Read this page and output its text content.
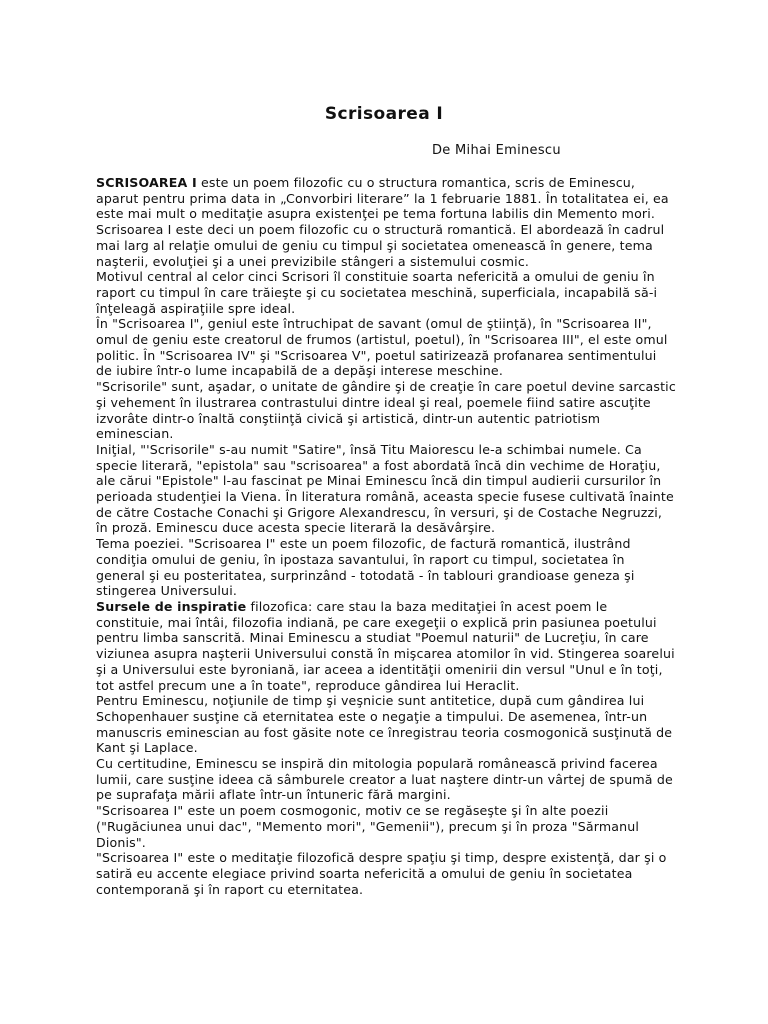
Scrisoarea I

De Mihai Eminescu

SCRISOAREA I este un poem filozofic cu o structura romantica, scris de Eminescu, aparut pentru prima data in „Convorbiri literare” la 1 februarie 1881. În totalitatea ei, ea este mai mult o meditaţie asupra existenţei pe tema fortuna labilis din Memento mori.

Scrisoarea I este deci un poem filozofic cu o structură romantică. El abordează în cadrul mai larg al relaţie omului de geniu cu timpul şi societatea omenească în genere, tema naşterii, evoluţiei şi a unei previzibile stângeri a sistemului cosmic.

Motivul central al celor cinci Scrisori îl constituie soarta nefericită a omului de geniu în raport cu timpul în care trăieşte şi cu societatea meschină, superficiala, incapabilă să-i înţeleagă aspiraţiile spre ideal.

În "Scrisoarea I", geniul este întruchipat de savant (omul de ştiinţă), în "Scrisoarea II", omul de geniu este creatorul de frumos (artistul, poetul), în "Scrisoarea III", el este omul politic. În "Scrisoarea IV" şi "Scrisoarea V", poetul satirizează profanarea sentimentului de iubire într-o lume incapabilă de a depăşi interese meschine.

"Scrisorile" sunt, aşadar, o unitate de gândire şi de creaţie în care poetul devine sarcastic şi vehement în ilustrarea contrastului dintre ideal şi real, poemele fiind satire ascuţite izvorâte dintr-o înaltă conştiinţă civică şi artistică, dintr-un autentic patriotism eminescian.

Iniţial, "'Scrisorile" s-au numit "Satire", însă Titu Maiorescu le-a schimbai numele. Ca specie literară, "epistola" sau "scrisoarea" a fost abordată încă din vechime de Horaţiu, ale cărui "Epistole" l-au fascinat pe Minai Eminescu încă din timpul audierii cursurilor în perioada studenţiei la Viena. În literatura română, aceasta specie fusese cultivată înainte de către Costache Conachi şi Grigore Alexandrescu, în versuri, şi de Costache Negruzzi, în proză. Eminescu duce acesta specie literară la desăvârşire.

Tema poeziei. "Scrisoarea I" este un poem filozofic, de factură romantică, ilustrând condiţia omului de geniu, în ipostaza savantului, în raport cu timpul, societatea în general şi eu posteritatea, surprinzând - totodată - în tablouri grandioase geneza şi stingerea Universului.

Sursele de inspiratie filozofica: care stau la baza meditaţiei în acest poem le constituie, mai întâi, filozofia indiană, pe care exegeţii o explică prin pasiunea poetului pentru limba sanscrită. Minai Eminescu a studiat "Poemul naturii" de Lucreţiu, în care viziunea asupra naşterii Universului constă în mişcarea atomilor în vid. Stingerea soarelui şi a Universului este byroniană, iar aceea a identităţii omenirii din versul "Unul e în toţi, tot astfel precum une a în toate", reproduce gândirea lui Heraclit.

Pentru Eminescu, noţiunile de timp şi veşnicie sunt antitetice, după cum gândirea lui Schopenhauer susţine că eternitatea este o negaţie a timpului. De asemenea, într-un manuscris eminescian au fost găsite note ce înregistrau teoria cosmogonică susţinută de Kant şi Laplace.

Cu certitudine, Eminescu se inspiră din mitologia populară românească privind facerea lumii, care susţine ideea că sâmburele creator a luat naştere dintr-un vârtej de spumă de pe suprafaţa mării aflate într-un întuneric fără margini.

"Scrisoarea I" este un poem cosmogonic, motiv ce se regăseşte şi în alte poezii ("Rugăciunea unui dac", "Memento mori", "Gemenii"), precum şi în proza "Sărmanul Dionis".

"Scrisoarea I" este o meditaţie filozofică despre spaţiu şi timp, despre existenţă, dar şi o satiră eu accente elegiace privind soarta nefericită a omului de geniu în societatea contemporană şi în raport cu eternitatea.
